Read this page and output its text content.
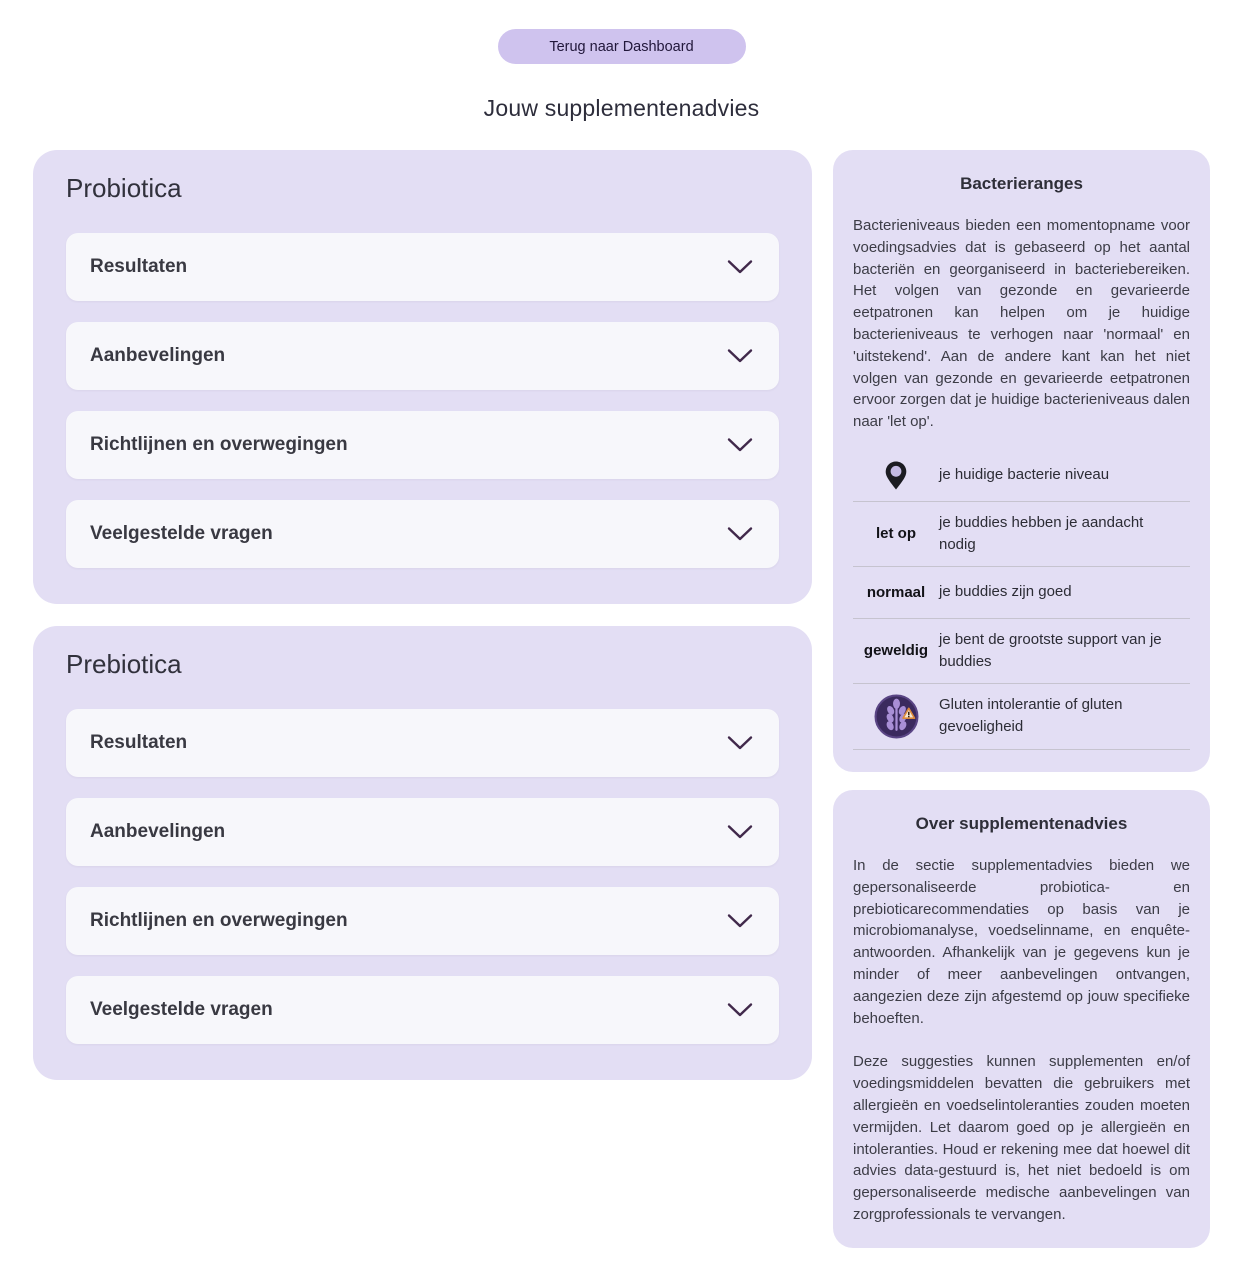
Terug naar Dashboard
Jouw supplementenadvies
Probiotica
Resultaten
Aanbevelingen
Richtlijnen en overwegingen
Veelgestelde vragen
Prebiotica
Resultaten
Aanbevelingen
Richtlijnen en overwegingen
Veelgestelde vragen
Bacterieranges

Bacterieniveaus bieden een momentopname voor voedingsadvies dat is gebaseerd op het aantal bacteriën en georganiseerd in bacteriebereiken. Het volgen van gezonde en gevarieerde eetpatronen kan helpen om je huidige bacterieniveaus te verhogen naar 'normaal' en 'uitstekend'. Aan de andere kant kan het niet volgen van gezonde en gevarieerde eetpatronen ervoor zorgen dat je huidige bacterieniveaus dalen naar 'let op'.

je huidige bacterie niveau
let op
je buddies hebben je aandacht nodig
normaal je buddies zijn goed
geweldig
je bent de grootste support van je buddies
Gluten intolerantie of gluten gevoeligheid
Over supplementenadvies

In de sectie supplementadvies bieden we gepersonaliseerde probiotica- en prebioticarecommendaties op basis van je microbiomanalyse, voedselinname, en enquête-antwoorden. Afhankelijk van je gegevens kun je minder of meer aanbevelingen ontvangen, aangezien deze zijn afgestemd op jouw specifieke behoeften.

Deze suggesties kunnen supplementen en/of voedingsmiddelen bevatten die gebruikers met allergieën en voedselintoleranties zouden moeten vermijden. Let daarom goed op je allergieën en intoleranties. Houd er rekening mee dat hoewel dit advies data-gestuurd is, het niet bedoeld is om gepersonaliseerde medische aanbevelingen van zorgprofessionals te vervangen.
